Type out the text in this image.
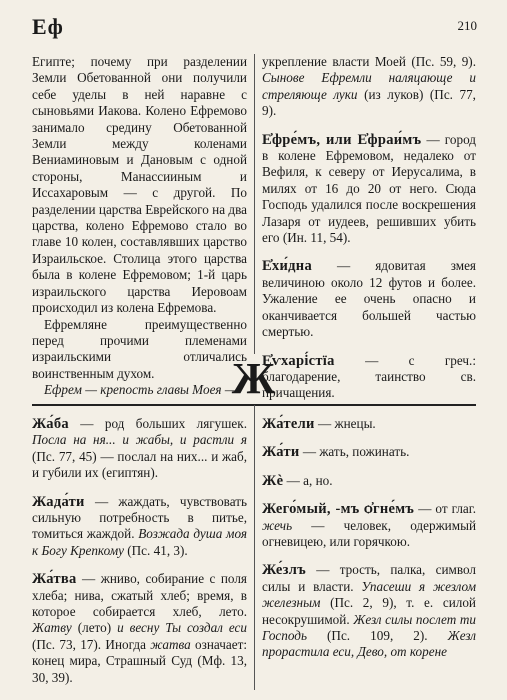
Еф	210

Египте; почему при разделении Земли Обетованной они получили себе уделы в ней наравне с сыновьями Иакова. Колено Ефремово занимало средину Обетованной Земли между коленами Вениаминовым и Дановым с одной стороны, Манассииным и Иссахаровым — с другой. По разделении царства Еврейского на два царства, колено Ефремово стало во главе 10 колен, составлявших царство Израильское. Столица этого царства была в колене Ефремовом; 1-й царь израильского царства Иеровоам происходил из колена Ефремова.

Ефремляне преимущественно перед прочими племенами израильскими отличались воинственным духом.

Ефрем — крепость главы Моея —

укрепление власти Моей (Пс. 59, 9). Сынове Ефремли наляцающе и стреляюще луки (из луков) (Пс. 77, 9).
Е҆фре́мъ, или Е҆фраи́мъ — город в колене Ефремовом, недалеко от Вефиля, к северу от Иерусалима, в милях от 16 до 20 от него. Сюда Господь удалился после воскрешения Лазаря от иудеев, решивших убить его (Ин. 11, 54).
Е҆хи́дна — ядовитая змея величиною около 12 футов и более. Ужаление ее очень опасно и оканчивается большей частью смертью.
Е҆ѵхарі́стїа — с греч.: благодарение, таинство св. причащения.
Ж
Жа́ба — род больших лягушек. Посла на ня... и жабы, и растли я (Пс. 77, 45) — послал на них... и жаб, и губили их (египтян).
Жада́ти — жаждать, чувствовать сильную потребность в питье, томиться жаждой. Возжада душа моя к Богу Крепкому (Пс. 41, 3).
Жа́тва — жниво, собирание с поля хлеба; нива, сжатый хлеб; время, в которое собирается хлеб, лето. Жатву (лето) и весну Ты создал еси (Пс. 73, 17). Иногда жатва означает: конец мира, Страшный Суд (Мф. 13, 30, 39).
Жа́тели — жнецы.
Жа́ти — жать, пожинать.
Жѐ — а, но.
Жего́мый, -мъ ѻ҆гне́мъ — от глаг. жечь — человек, одержимый огневицею, или горячкою.
Же́злъ — трость, палка, символ силы и власти. Упасеши я жезлом железным (Пс. 2, 9), т. е. силой несокрушимой. Жезл силы послет ти Господь (Пс. 109, 2). Жезл прорастила еси, Дево, от корене
